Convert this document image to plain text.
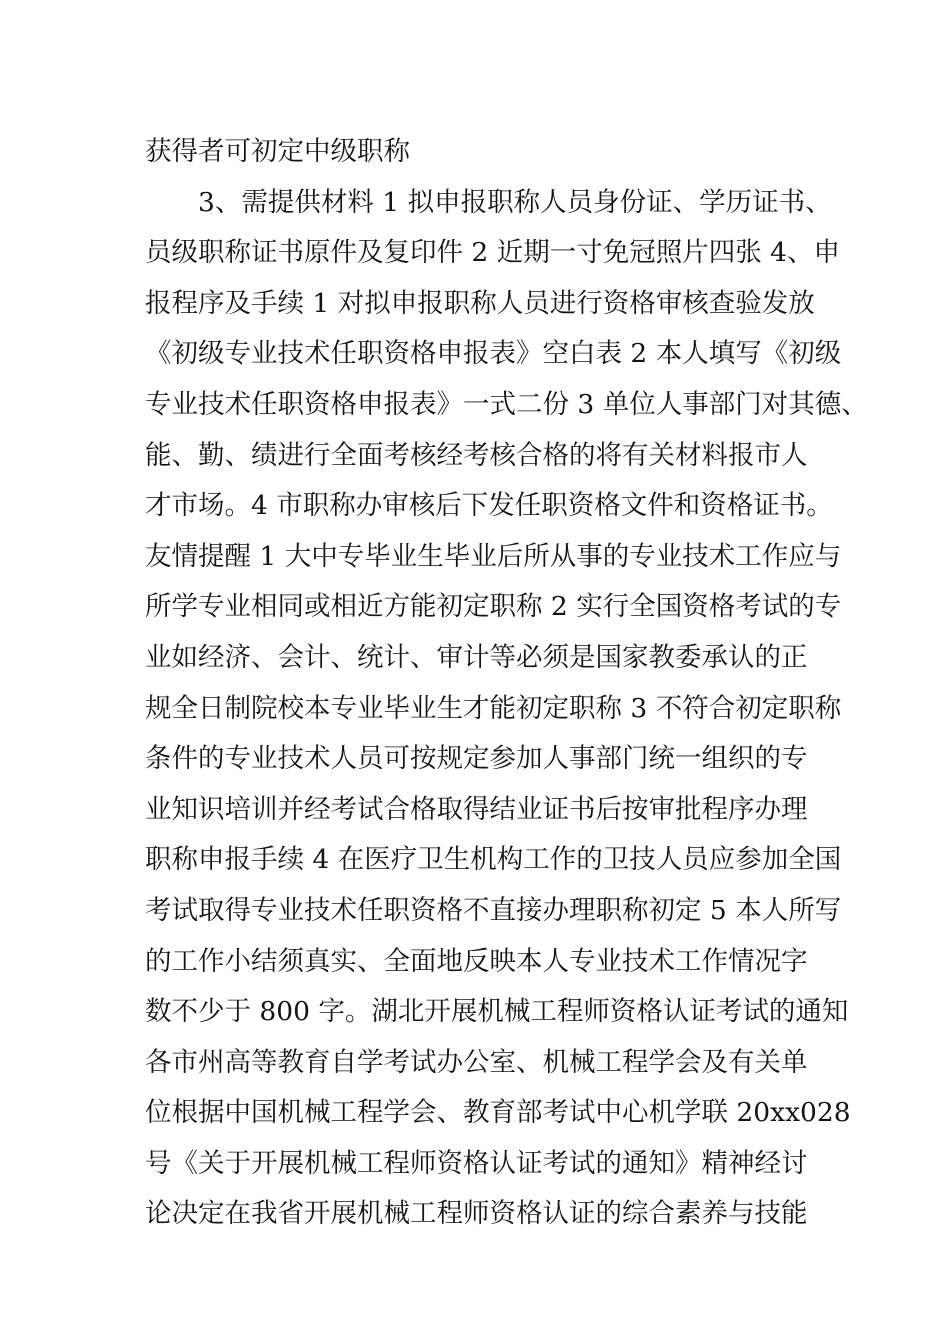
获得者可初定中级职称
3、需提供材料 1 拟申报职称人员身份证、学历证书、
员级职称证书原件及复印件 2 近期一寸免冠照片四张 4、申
报程序及手续 1 对拟申报职称人员进行资格审核查验发放
《初级专业技术任职资格申报表》空白表 2 本人填写《初级
专业技术任职资格申报表》一式二份 3 单位人事部门对其德、
能、勤、绩进行全面考核经考核合格的将有关材料报市人
才市场。4 市职称办审核后下发任职资格文件和资格证书。
友情提醒 1 大中专毕业生毕业后所从事的专业技术工作应与
所学专业相同或相近方能初定职称 2 实行全国资格考试的专
业如经济、会计、统计、审计等必须是国家教委承认的正
规全日制院校本专业毕业生才能初定职称 3 不符合初定职称
条件的专业技术人员可按规定参加人事部门统一组织的专
业知识培训并经考试合格取得结业证书后按审批程序办理
职称申报手续 4 在医疗卫生机构工作的卫技人员应参加全国
考试取得专业技术任职资格不直接办理职称初定 5 本人所写
的工作小结须真实、全面地反映本人专业技术工作情况字
数不少于 800 字。湖北开展机械工程师资格认证考试的通知
各市州高等教育自学考试办公室、机械工程学会及有关单
位根据中国机械工程学会、教育部考试中心机学联 20xx028
号《关于开展机械工程师资格认证考试的通知》精神经讨
论决定在我省开展机械工程师资格认证的综合素养与技能
